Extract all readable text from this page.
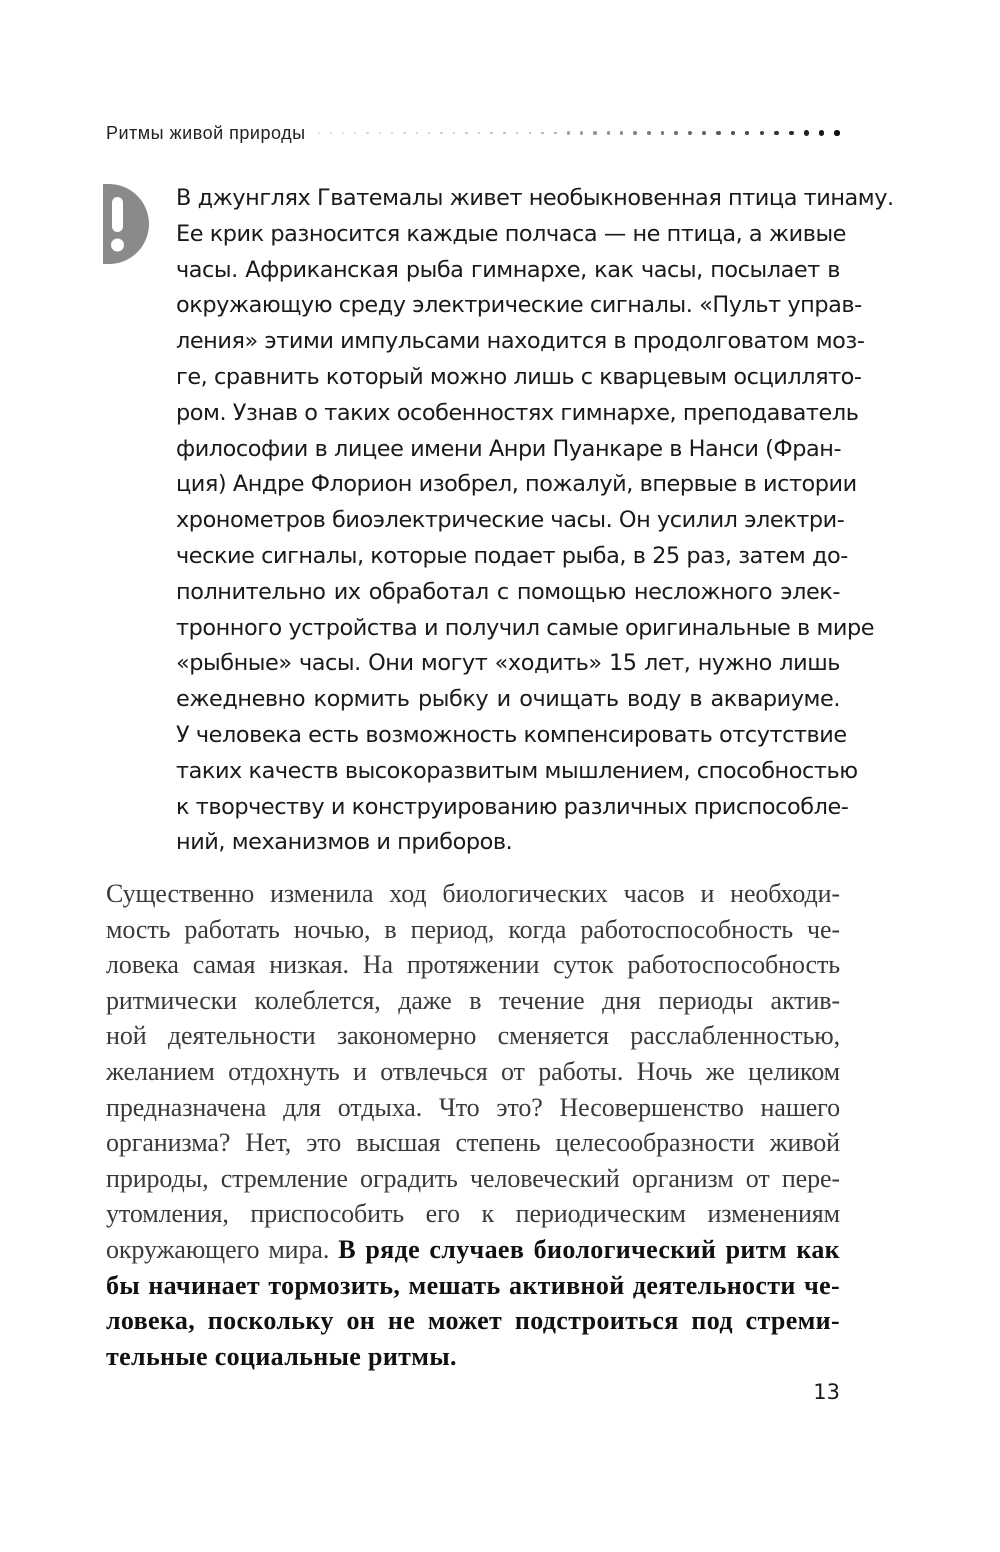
Ритмы живой природы
В джунглях Гватемалы живет необыкновенная птица тинаму.
Ее крик разносится каждые полчаса — не птица, а живые
часы. Африканская рыба гимнархе, как часы, посылает в
окружающую среду электрические сигналы. «Пульт управ-
ления» этими импульсами находится в продолговатом моз-
ге, сравнить который можно лишь с кварцевым осциллято-
ром. Узнав о таких особенностях гимнархе, преподаватель
философии в лицее имени Анри Пуанкаре в Нанси (Фран-
ция) Андре Флорион изобрел, пожалуй, впервые в истории
хронометров биоэлектрические часы. Он усилил электри-
ческие сигналы, которые подает рыба, в 25 раз, затем до-
полнительно их обработал с помощью несложного элек-
тронного устройства и получил самые оригинальные в мире
«рыбные» часы. Они могут «ходить» 15 лет, нужно лишь
ежедневно кормить рыбку и очищать воду в аквариуме.
У человека есть возможность компенсировать отсутствие
таких качеств высокоразвитым мышлением, способностью
к творчеству и конструированию различных приспособле-
ний, механизмов и приборов.
Существенно изменила ход биологических часов и необходи-
мость работать ночью, в период, когда работоспособность че-
ловека самая низкая. На протяжении суток работоспособность
ритмически колеблется, даже в течение дня периоды актив-
ной деятельности закономерно сменяется расслабленностью,
желанием отдохнуть и отвлечься от работы. Ночь же целиком
предназначена для отдыха. Что это? Несовершенство нашего
организма? Нет, это высшая степень целесообразности живой
природы, стремление оградить человеческий организм от пере-
утомления, приспособить его к периодическим изменениям
окружающего мира. В ряде случаев биологический ритм как
бы начинает тормозить, мешать активной деятельности че-
ловека, поскольку он не может подстроиться под стреми-
тельные социальные ритмы.
13
